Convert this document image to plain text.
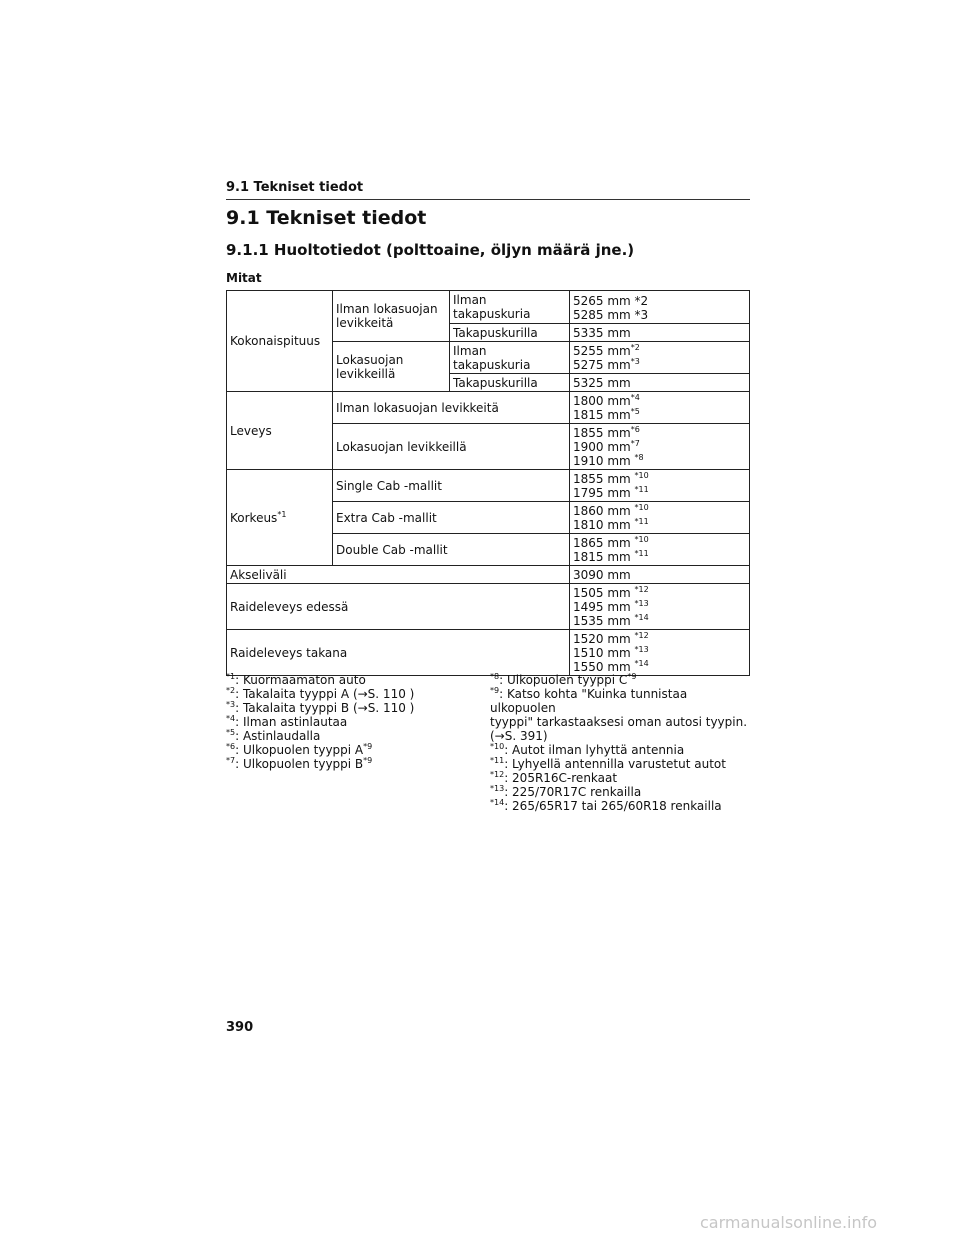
9.1 Tekniset tiedot
9.1 Tekniset tiedot
9.1.1 Huoltotiedot (polttoaine, öljyn määrä jne.)
Mitat
Kokonaispituus	Ilman lokasuojan levikkeitä	Ilman takapuskuria	5265 mm *2
5285 mm *3
		Takapuskurilla	5335 mm
	Lokasuojan levikkeillä	Ilman takapuskuria	5255 $mm^{*2}$
5275 $mm^{*3}$
		Takapuskurilla	5325 mm
Leveys	Ilman lokasuojan levikkeitä		1800 $mm^{*4}$
1815 $mm^{*5}$
	Lokasuojan levikkeillä		1855 $mm^{*6}$
1900 $mm^{*7}$
1910 mm $^{*8}$
Korkeus$^{*1}$	Single Cab -mallit		1855 mm $^{*10}$
1795 mm $^{*11}$
	Extra Cab -mallit		1860 mm $^{*10}$
1810 mm $^{*11}$
	Double Cab -mallit		1865 mm $^{*10}$
1815 mm $^{*11}$
Akseliväli			3090 mm
Raideleveys edessä			1505 mm $^{*12}$
1495 mm $^{*13}$
1535 mm $^{*14}$
Raideleveys takana			1520 mm $^{*12}$
1510 mm $^{*13}$
1550 mm $^{*14}$
$^{*1}$: Kuormaamaton auto
$^{*2}$: Takalaita tyyppi A (→S. 110 )
$^{*3}$: Takalaita tyyppi B (→S. 110 )
$^{*4}$: Ilman astinlautaa
$^{*5}$: Astinlaudalla
$^{*6}$: Ulkopuolen tyyppi $A^{*9}$
$^{*7}$: Ulkopuolen tyyppi $B^{*9}$
$^{*8}$: Ulkopuolen tyyppi $C^{*9}$
$^{*9}$: Katso kohta "Kuinka tunnistaa ulkopuolen
tyyppi" tarkastaaksesi oman autosi tyypin.
(→S. 391)
$^{*10}$: Autot ilman lyhyttä antennia
$^{*11}$: Lyhyellä antennilla varustetut autot
$^{*12}$: 205R16C-renkaat
$^{*13}$: 225/70R17C renkailla
$^{*14}$: 265/65R17 tai 265/60R18 renkailla
390
carmanualsonline.info
